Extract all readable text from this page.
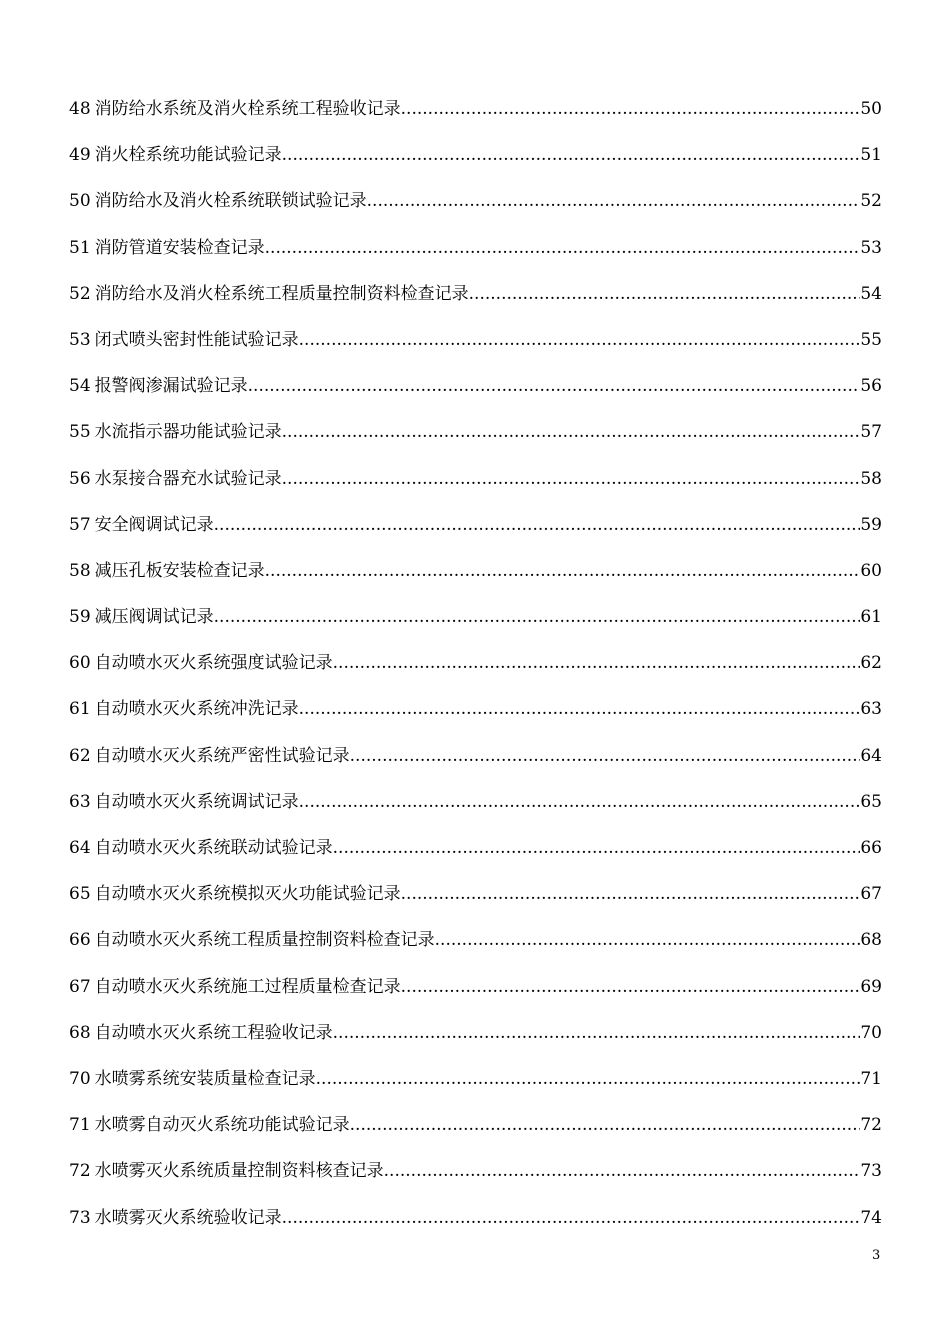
48 消防给水系统及消火栓系统工程验收记录 .....	50
49 消火栓系统功能试验记录 .....	51
50 消防给水及消火栓系统联锁试验记录 .....	52
51 消防管道安装检查记录 .....	53
52 消防给水及消火栓系统工程质量控制资料检查记录 .....	54
53 闭式喷头密封性能试验记录 .....	55
54 报警阀渗漏试验记录 .....	56
55 水流指示器功能试验记录 .....	57
56 水泵接合器充水试验记录 .....	58
57 安全阀调试记录 .....	59
58 减压孔板安装检查记录 .....	60
59 减压阀调试记录 .....	61
60 自动喷水灭火系统强度试验记录 .....	62
61 自动喷水灭火系统冲洗记录 .....	63
62 自动喷水灭火系统严密性试验记录 .....	64
63 自动喷水灭火系统调试记录 .....	65
64 自动喷水灭火系统联动试验记录 .....	66
65 自动喷水灭火系统模拟灭火功能试验记录 .....	67
66 自动喷水灭火系统工程质量控制资料检查记录 .....	68
67 自动喷水灭火系统施工过程质量检查记录 .....	69
68 自动喷水灭火系统工程验收记录 .....	70
70 水喷雾系统安装质量检查记录 .....	71
71 水喷雾自动灭火系统功能试验记录 .....	72
72 水喷雾灭火系统质量控制资料核查记录 .....	73
73 水喷雾灭火系统验收记录 .....	74
3
